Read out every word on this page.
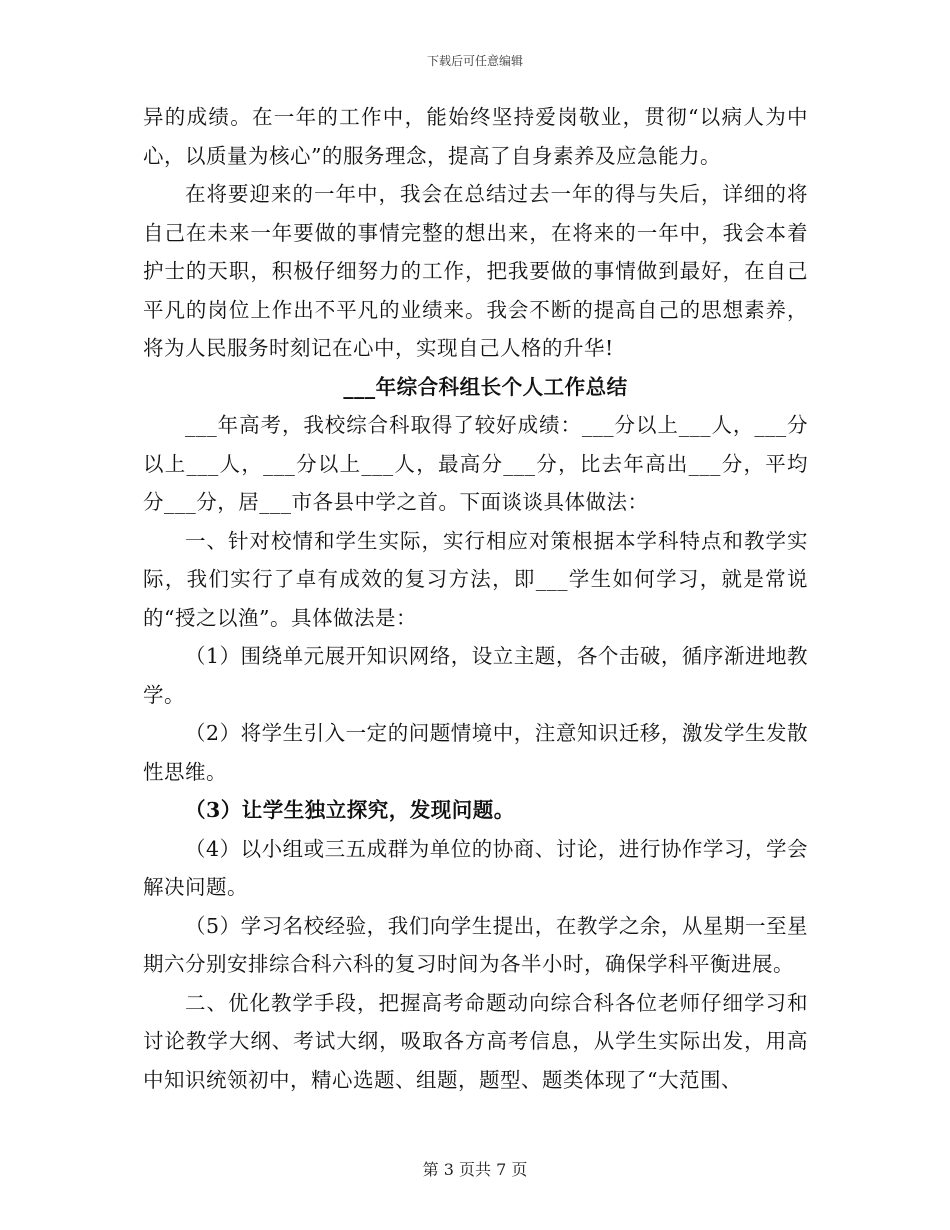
下载后可任意编辑

异的成绩。在一年的工作中，能始终坚持爱岗敬业，贯彻“以病人为中心，以质量为核心”的服务理念，提高了自身素养及应急能力。

在将要迎来的一年中，我会在总结过去一年的得与失后，详细的将自己在未来一年要做的事情完整的想出来，在将来的一年中，我会本着护士的天职，积极仔细努力的工作，把我要做的事情做到最好，在自己平凡的岗位上作出不平凡的业绩来。我会不断的提高自己的思想素养，将为人民服务时刻记在心中，实现自己人格的升华!

___年综合科组长个人工作总结

___年高考，我校综合科取得了较好成绩：___分以上___人，___分以上___人，___分以上___人，最高分___分，比去年高出___分，平均分___分，居___市各县中学之首。下面谈谈具体做法：

一、针对校情和学生实际，实行相应对策根据本学科特点和教学实际，我们实行了卓有成效的复习方法，即___学生如何学习，就是常说的“授之以渔”。具体做法是：

（1）围绕单元展开知识网络，设立主题，各个击破，循序渐进地教学。

（2）将学生引入一定的问题情境中，注意知识迁移，激发学生发散性思维。

（3）让学生独立探究，发现问题。

（4）以小组或三五成群为单位的协商、讨论，进行协作学习，学会解决问题。

（5）学习名校经验，我们向学生提出，在教学之余，从星期一至星期六分别安排综合科六科的复习时间为各半小时，确保学科平衡进展。

二、优化教学手段，把握高考命题动向综合科各位老师仔细学习和讨论教学大纲、考试大纲，吸取各方高考信息，从学生实际出发，用高中知识统领初中，精心选题、组题，题型、题类体现了“大范围、

第 3 页共 7 页
